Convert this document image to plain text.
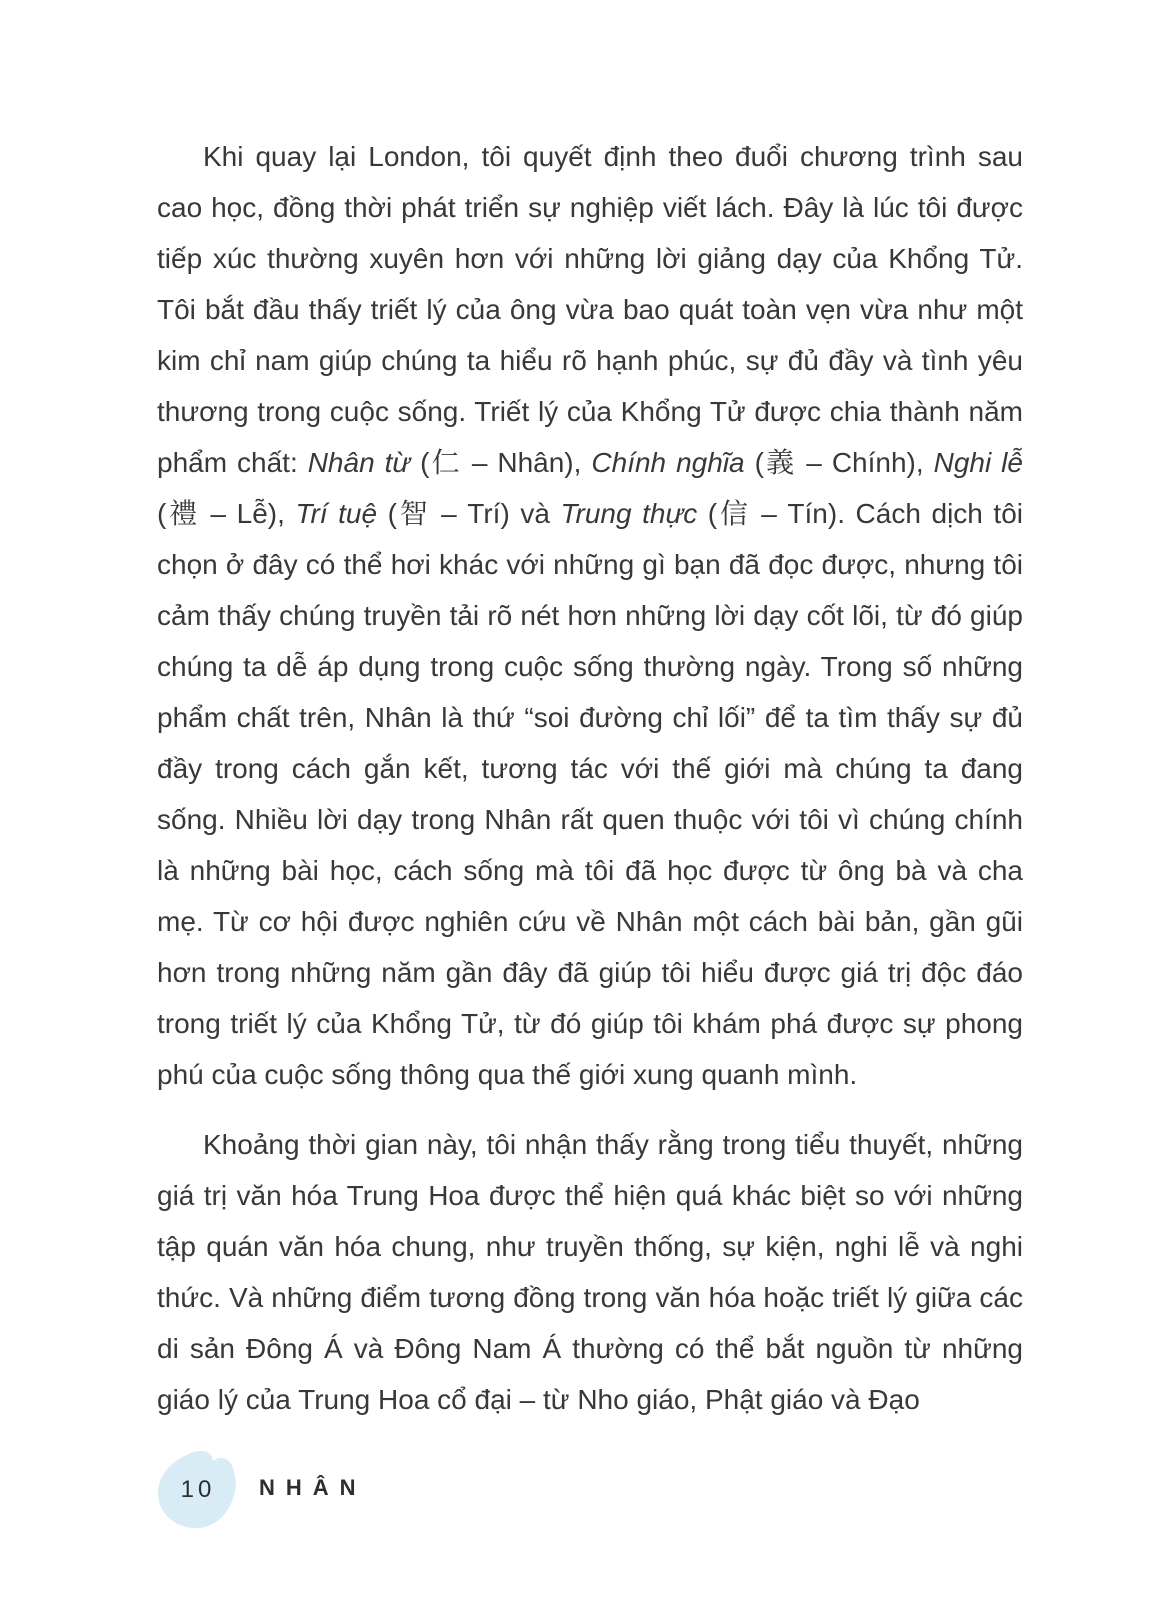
Khi quay lại London, tôi quyết định theo đuổi chương trình sau cao học, đồng thời phát triển sự nghiệp viết lách. Đây là lúc tôi được tiếp xúc thường xuyên hơn với những lời giảng dạy của Khổng Tử. Tôi bắt đầu thấy triết lý của ông vừa bao quát toàn vẹn vừa như một kim chỉ nam giúp chúng ta hiểu rõ hạnh phúc, sự đủ đầy và tình yêu thương trong cuộc sống. Triết lý của Khổng Tử được chia thành năm phẩm chất: Nhân từ (仁 – Nhân), Chính nghĩa (義 – Chính), Nghi lễ (禮 – Lễ), Trí tuệ (智 – Trí) và Trung thực (信 – Tín). Cách dịch tôi chọn ở đây có thể hơi khác với những gì bạn đã đọc được, nhưng tôi cảm thấy chúng truyền tải rõ nét hơn những lời dạy cốt lõi, từ đó giúp chúng ta dễ áp dụng trong cuộc sống thường ngày. Trong số những phẩm chất trên, Nhân là thứ “soi đường chỉ lối” để ta tìm thấy sự đủ đầy trong cách gắn kết, tương tác với thế giới mà chúng ta đang sống. Nhiều lời dạy trong Nhân rất quen thuộc với tôi vì chúng chính là những bài học, cách sống mà tôi đã học được từ ông bà và cha mẹ. Từ cơ hội được nghiên cứu về Nhân một cách bài bản, gần gũi hơn trong những năm gần đây đã giúp tôi hiểu được giá trị độc đáo trong triết lý của Khổng Tử, từ đó giúp tôi khám phá được sự phong phú của cuộc sống thông qua thế giới xung quanh mình.

Khoảng thời gian này, tôi nhận thấy rằng trong tiểu thuyết, những giá trị văn hóa Trung Hoa được thể hiện quá khác biệt so với những tập quán văn hóa chung, như truyền thống, sự kiện, nghi lễ và nghi thức. Và những điểm tương đồng trong văn hóa hoặc triết lý giữa các di sản Đông Á và Đông Nam Á thường có thể bắt nguồn từ những giáo lý của Trung Hoa cổ đại – từ Nho giáo, Phật giáo và Đạo

10	NHÂN
